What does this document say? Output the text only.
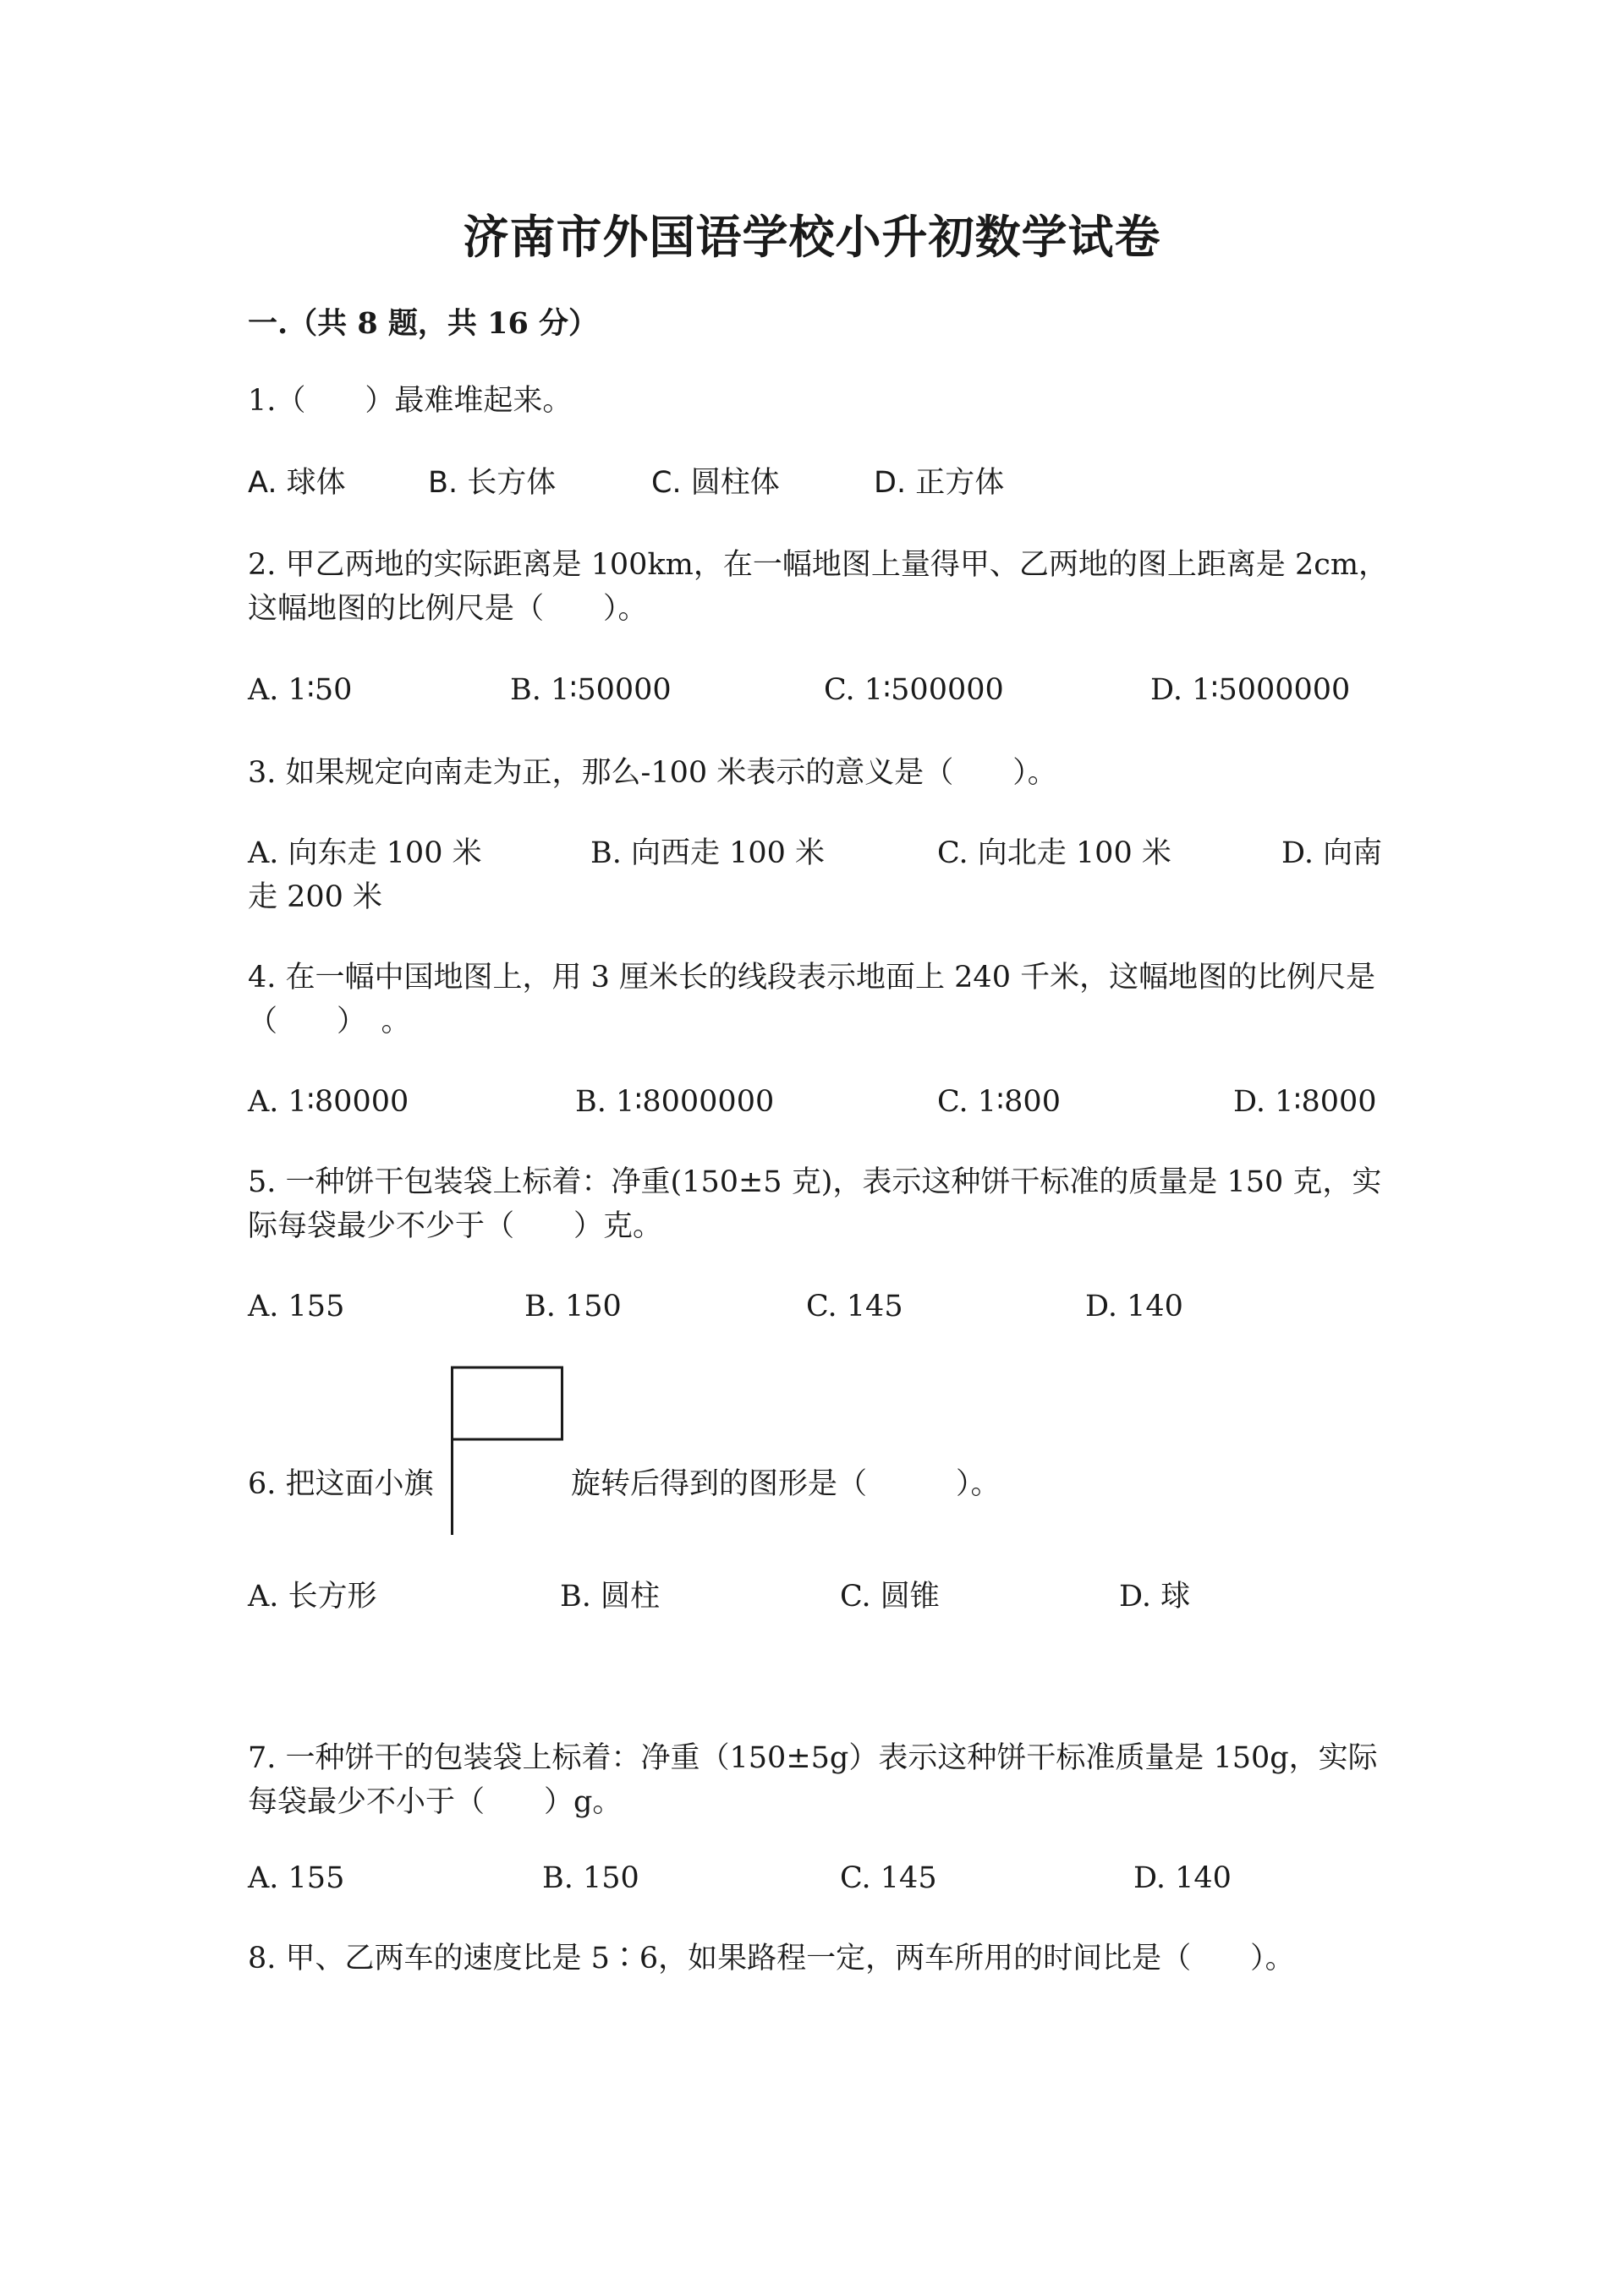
济南市外国语学校小升初数学试卷
一.（共 8 题，共 16 分）
1.（　　）最难堆起来。
A. 球体	B. 长方体	C. 圆柱体	D. 正方体
2. 甲乙两地的实际距离是 100km，在一幅地图上量得甲、乙两地的图上距离是 2cm，这幅地图的比例尺是（　　）。
A. 1∶50	B. 1∶50000	C. 1∶500000	D. 1∶5000000
3. 如果规定向南走为正，那么-100 米表示的意义是（　　）。
A. 向东走 100 米	B. 向西走 100 米	C. 向北走 100 米	D. 向南
走 200 米
4. 在一幅中国地图上，用 3 厘米长的线段表示地面上 240 千米，这幅地图的比例尺是（　　）　。
A. 1∶80000	B. 1∶8000000	C. 1∶800	D. 1∶8000
5. 一种饼干包装袋上标着：净重(150±5 克)，表示这种饼干标准的质量是 150 克，实际每袋最少不少于（　　）克。
A. 155	B. 150	C. 145	D. 140
6. 把这面小旗	旋转后得到的图形是（　　　）。
A. 长方形	B. 圆柱	C. 圆锥	D. 球
7. 一种饼干的包装袋上标着：净重（150±5g）表示这种饼干标准质量是 150g，实际每袋最少不小于（　　）g。
A. 155	B. 150	C. 145	D. 140
8. 甲、乙两车的速度比是 5∶6，如果路程一定，两车所用的时间比是（　　）。
